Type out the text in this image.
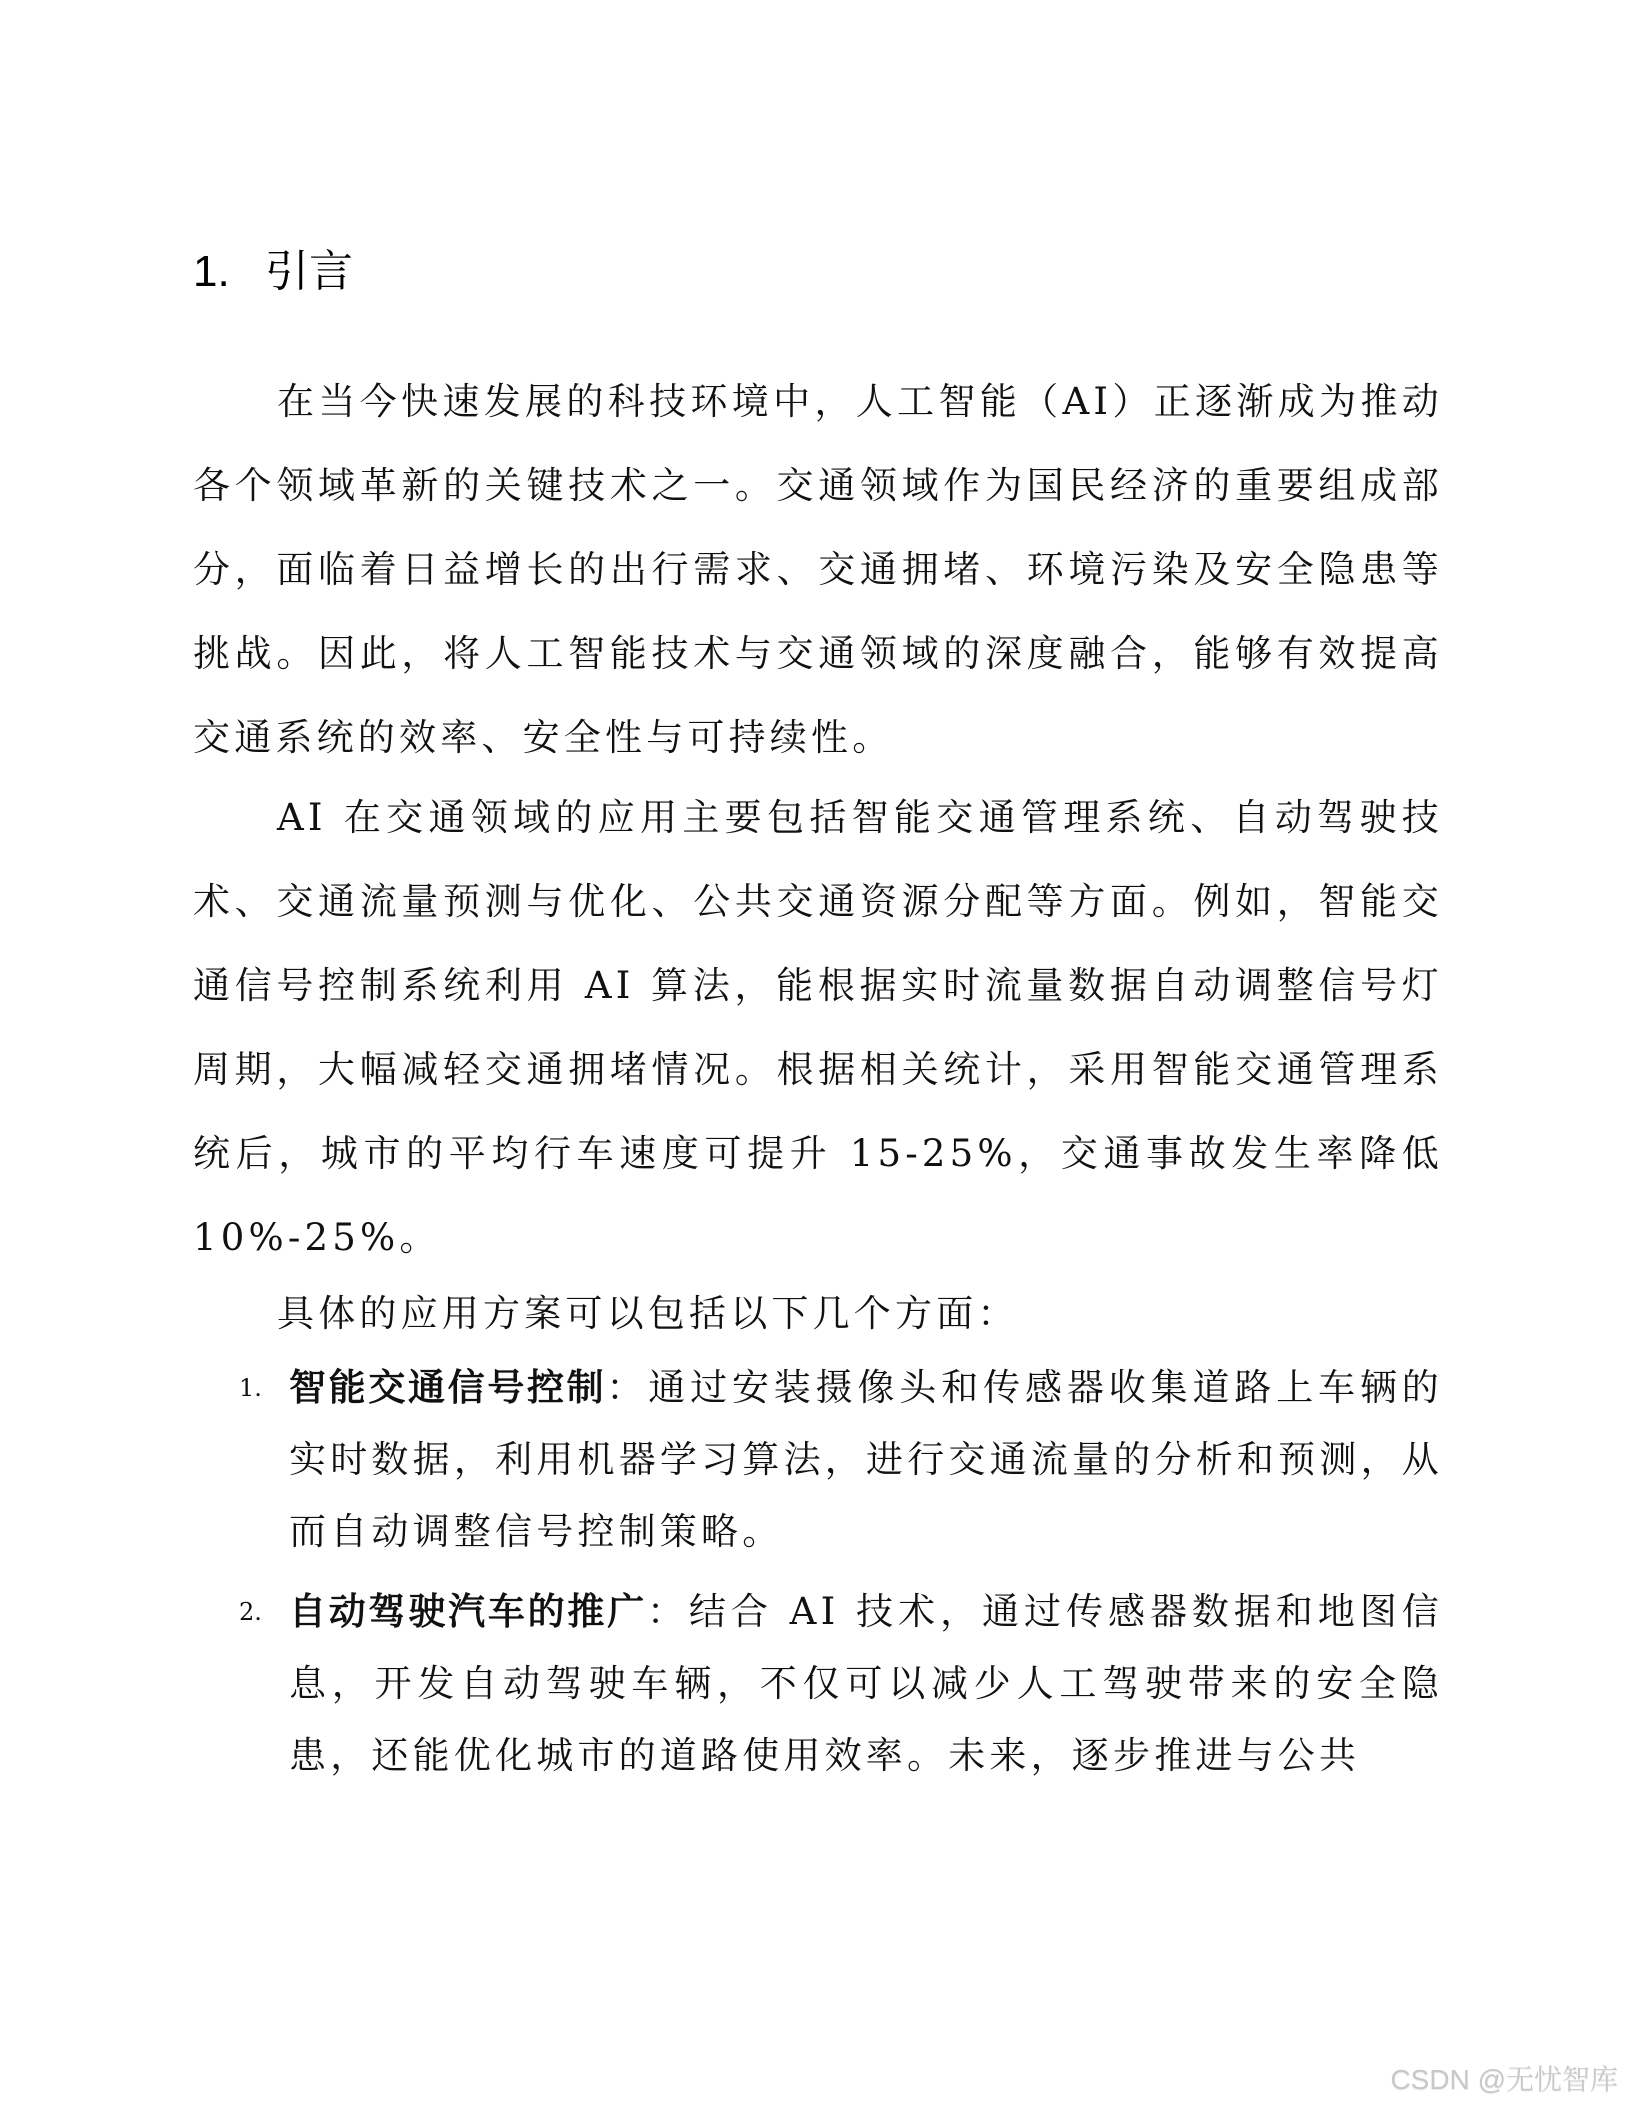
1. 引言

在当今快速发展的科技环境中，人工智能（AI）正逐渐成为推动各个领域革新的关键技术之一。交通领域作为国民经济的重要组成部分，面临着日益增长的出行需求、交通拥堵、环境污染及安全隐患等挑战。因此，将人工智能技术与交通领域的深度融合，能够有效提高交通系统的效率、安全性与可持续性。

AI 在交通领域的应用主要包括智能交通管理系统、自动驾驶技术、交通流量预测与优化、公共交通资源分配等方面。例如，智能交通信号控制系统利用 AI 算法，能根据实时流量数据自动调整信号灯周期，大幅减轻交通拥堵情况。根据相关统计，采用智能交通管理系统后，城市的平均行车速度可提升 15-25%，交通事故发生率降低 10%-25%。

具体的应用方案可以包括以下几个方面：

1. 智能交通信号控制：通过安装摄像头和传感器收集道路上车辆的实时数据，利用机器学习算法，进行交通流量的分析和预测，从而自动调整信号控制策略。
2. 自动驾驶汽车的推广：结合 AI 技术，通过传感器数据和地图信息，开发自动驾驶车辆，不仅可以减少人工驾驶带来的安全隐患，还能优化城市的道路使用效率。未来，逐步推进与公共
CSDN @无忧智库
